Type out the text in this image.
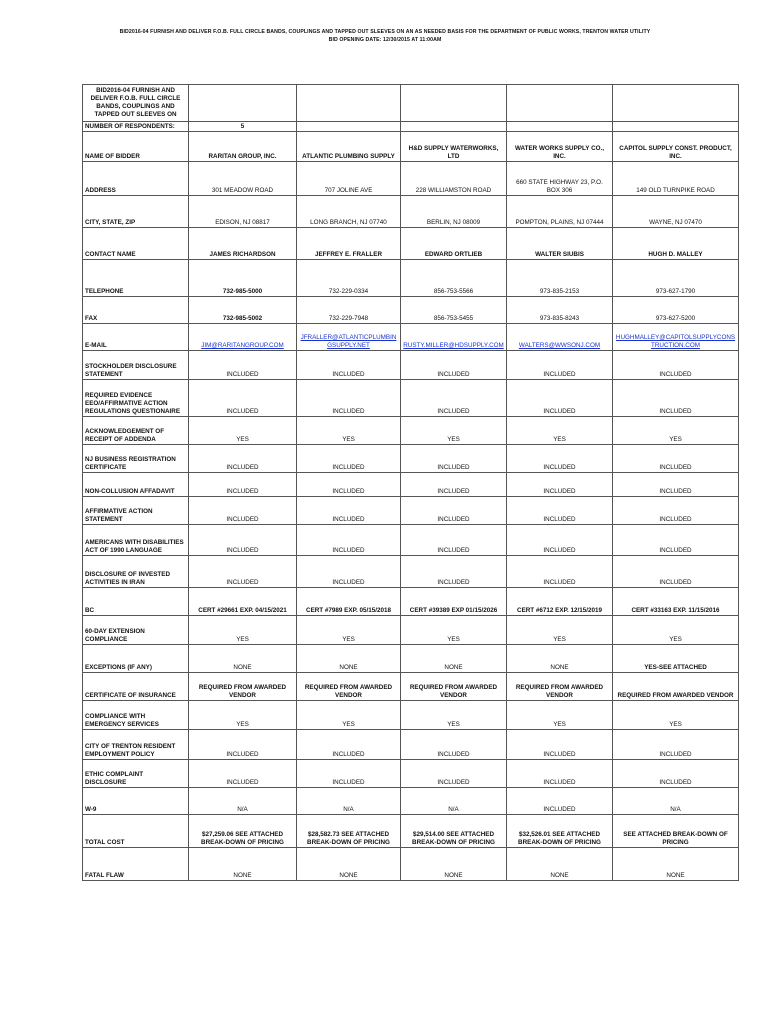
BID2016-04 FURNISH AND DELIVER F.O.B. FULL CIRCLE BANDS, COUPLINGS AND TAPPED OUT SLEEVES ON AN AS NEEDED BASIS FOR THE DEPARTMENT OF PUBLIC WORKS, TRENTON WATER UTILITY
BID OPENING DATE: 12/30/2015 AT 11:00AM
BID2016-04 FURNISH AND DELIVER F.O.B. FULL CIRCLE BANDS, COUPLINGS AND TAPPED OUT SLEEVES ON					
NUMBER OF RESPONDENTS:	5				
NAME OF BIDDER	RARITAN GROUP, INC.	ATLANTIC PLUMBING SUPPLY	H&D SUPPLY WATERWORKS, LTD	WATER WORKS SUPPLY CO., INC.	CAPITOL SUPPLY CONST. PRODUCT, INC.
ADDRESS	301 MEADOW ROAD	707 JOLINE AVE	228 WILLIAMSTON ROAD	660 STATE HIGHWAY 23, P.O. BOX 306	149 OLD TURNPIKE ROAD
CITY, STATE, ZIP	EDISON, NJ 08817	LONG BRANCH, NJ 07740	BERLIN, NJ 08009	POMPTON, PLAINS, NJ 07444	WAYNE, NJ 07470
CONTACT NAME	JAMES RICHARDSON	JEFFREY E. FRALLER	EDWARD ORTLIEB	WALTER SIUBIS	HUGH D. MALLEY
TELEPHONE	732-985-5000	732-229-0334	856-753-5566	973-835-2153	973-627-1790
FAX	732-985-5002	732-229-7948	856-753-5455	973-835-8243	973-627-5200
E-MAIL	JIM@RARITANGROUP.COM	JFRALLER@ATLANTICPLUMBINGSUPPLY.NET	RUSTY.MILLER@HDSUPPLY.COM	WALTERS@WWSONJ.COM	HUGHMALLEY@CAPITOLSUPPLYCONSTRUCTION.COM
STOCKHOLDER DISCLOSURE STATEMENT	INCLUDED	INCLUDED	INCLUDED	INCLUDED	INCLUDED
REQUIRED EVIDENCE EEO/AFFIRMATIVE ACTION REGULATIONS QUESTIONAIRE	INCLUDED	INCLUDED	INCLUDED	INCLUDED	INCLUDED
ACKNOWLEDGEMENT OF RECEIPT OF ADDENDA	YES	YES	YES	YES	YES
NJ BUSINESS REGISTRATION CERTIFICATE	INCLUDED	INCLUDED	INCLUDED	INCLUDED	INCLUDED
NON-COLLUSION AFFADAVIT	INCLUDED	INCLUDED	INCLUDED	INCLUDED	INCLUDED
AFFIRMATIVE ACTION STATEMENT	INCLUDED	INCLUDED	INCLUDED	INCLUDED	INCLUDED
AMERICANS WITH DISABILITIES ACT OF 1990 LANGUAGE	INCLUDED	INCLUDED	INCLUDED	INCLUDED	INCLUDED
DISCLOSURE OF INVESTED ACTIVITIES IN IRAN	INCLUDED	INCLUDED	INCLUDED	INCLUDED	INCLUDED
BC	CERT #29661 EXP. 04/15/2021	CERT #7989 EXP. 05/15/2018	CERT #39389 EXP 01/15/2026	CERT #6712 EXP. 12/15/2019	CERT #33163 EXP. 11/15/2016
60-DAY EXTENSION COMPLIANCE	YES	YES	YES	YES	YES
EXCEPTIONS (IF ANY)	NONE	NONE	NONE	NONE	YES-SEE ATTACHED
CERTIFICATE OF INSURANCE	REQUIRED FROM AWARDED VENDOR	REQUIRED FROM AWARDED VENDOR	REQUIRED FROM AWARDED VENDOR	REQUIRED FROM AWARDED VENDOR	REQUIRED FROM AWARDED VENDOR
COMPLIANCE WITH EMERGENCY SERVICES	YES	YES	YES	YES	YES
CITY OF TRENTON RESIDENT EMPLOYMENT POLICY	INCLUDED	INCLUDED	INCLUDED	INCLUDED	INCLUDED
ETHIC COMPLAINT DISCLOSURE	INCLUDED	INCLUDED	INCLUDED	INCLUDED	INCLUDED
W-9	N/A	N/A	N/A	INCLUDED	N/A
TOTAL COST	$27,259.06 SEE ATTACHED BREAK-DOWN OF PRICING	$28,582.73 SEE ATTACHED BREAK-DOWN OF PRICING	$29,514.00 SEE ATTACHED BREAK-DOWN OF PRICING	$32,526.01 SEE ATTACHED BREAK-DOWN OF PRICING	SEE ATTACHED BREAK-DOWN OF PRICING
FATAL FLAW	NONE	NONE	NONE	NONE	NONE
